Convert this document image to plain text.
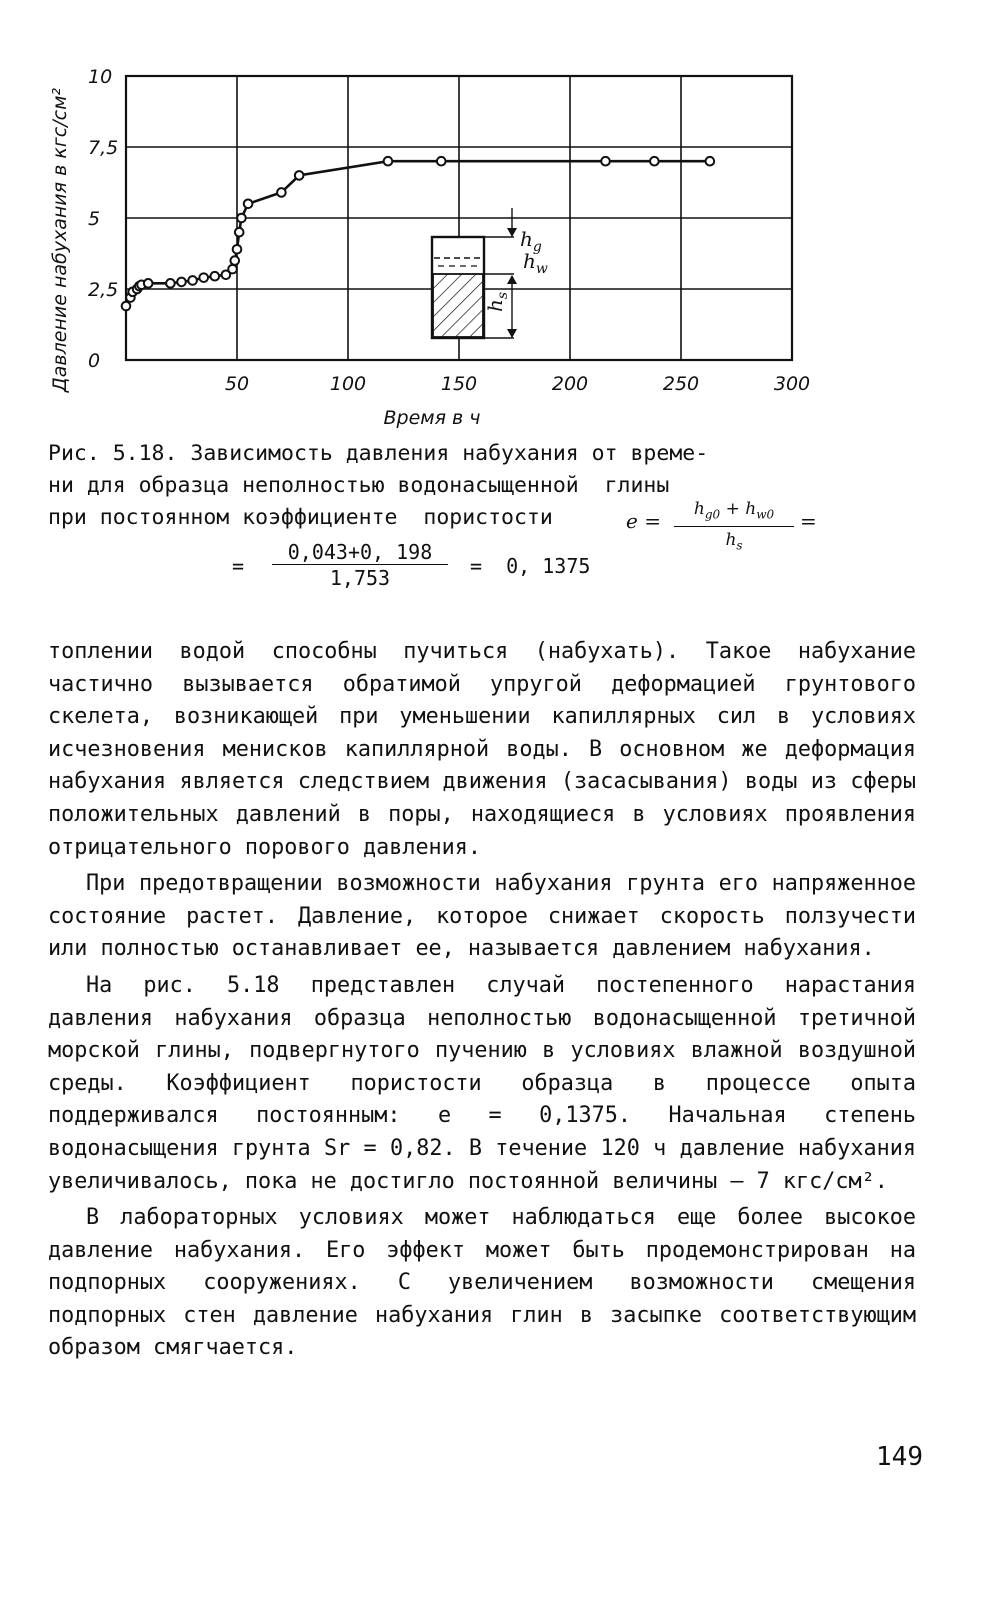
10
7,5
5
2,5
0
50	100	150	200	250	300
Давление набухания в кгс/см²
Время в ч
$h_g$
$h_w$
$h_s$

Рис. 5.18. Зависимость давления набухания от време-

ни для образца неполностью водонасыщенной  глины

при постоянном коэффициенте  пористости	$e = \frac{h_{g0} + h_{w0}}{h_s}$ =
= $\frac{0,043+0, 198}{1,753} = 0$, 1375

топлении водой способны пучиться (набухать). Такое набухание частично вызывается обратимой упругой деформацией грунтового скелета, возникающей при уменьшении капиллярных сил в условиях исчезновения менисков капиллярной воды. В основном же деформация набухания является следствием движения (засасывания) воды из сферы положительных давлений в поры, находящиеся в условиях проявления отрицательного порового давления.

При предотвращении возможности набухания грунта его напряженное состояние растет. Давление, которое снижает скорость ползучести или полностью останавливает ее, называется давлением набухания.

На рис. 5.18 представлен случай постепенного нарастания давления набухания образца неполностью водонасыщенной третичной морской глины, подвергнутого пучению в условиях влажной воздушной среды. Коэффициент пористости образца в процессе опыта поддерживался постоянным: e = 0,1375. Начальная степень водонасыщения грунта Sr = 0,82. В течение 120 ч давление набухания увеличивалось, пока не достигло постоянной величины – 7 кгс/см².

В лабораторных условиях может наблюдаться еще более высокое давление набухания. Его эффект может быть продемонстрирован на подпорных сооружениях. С увеличением возможности смещения подпорных стен давление набухания глин в засыпке соответствующим образом смягчается.

149
